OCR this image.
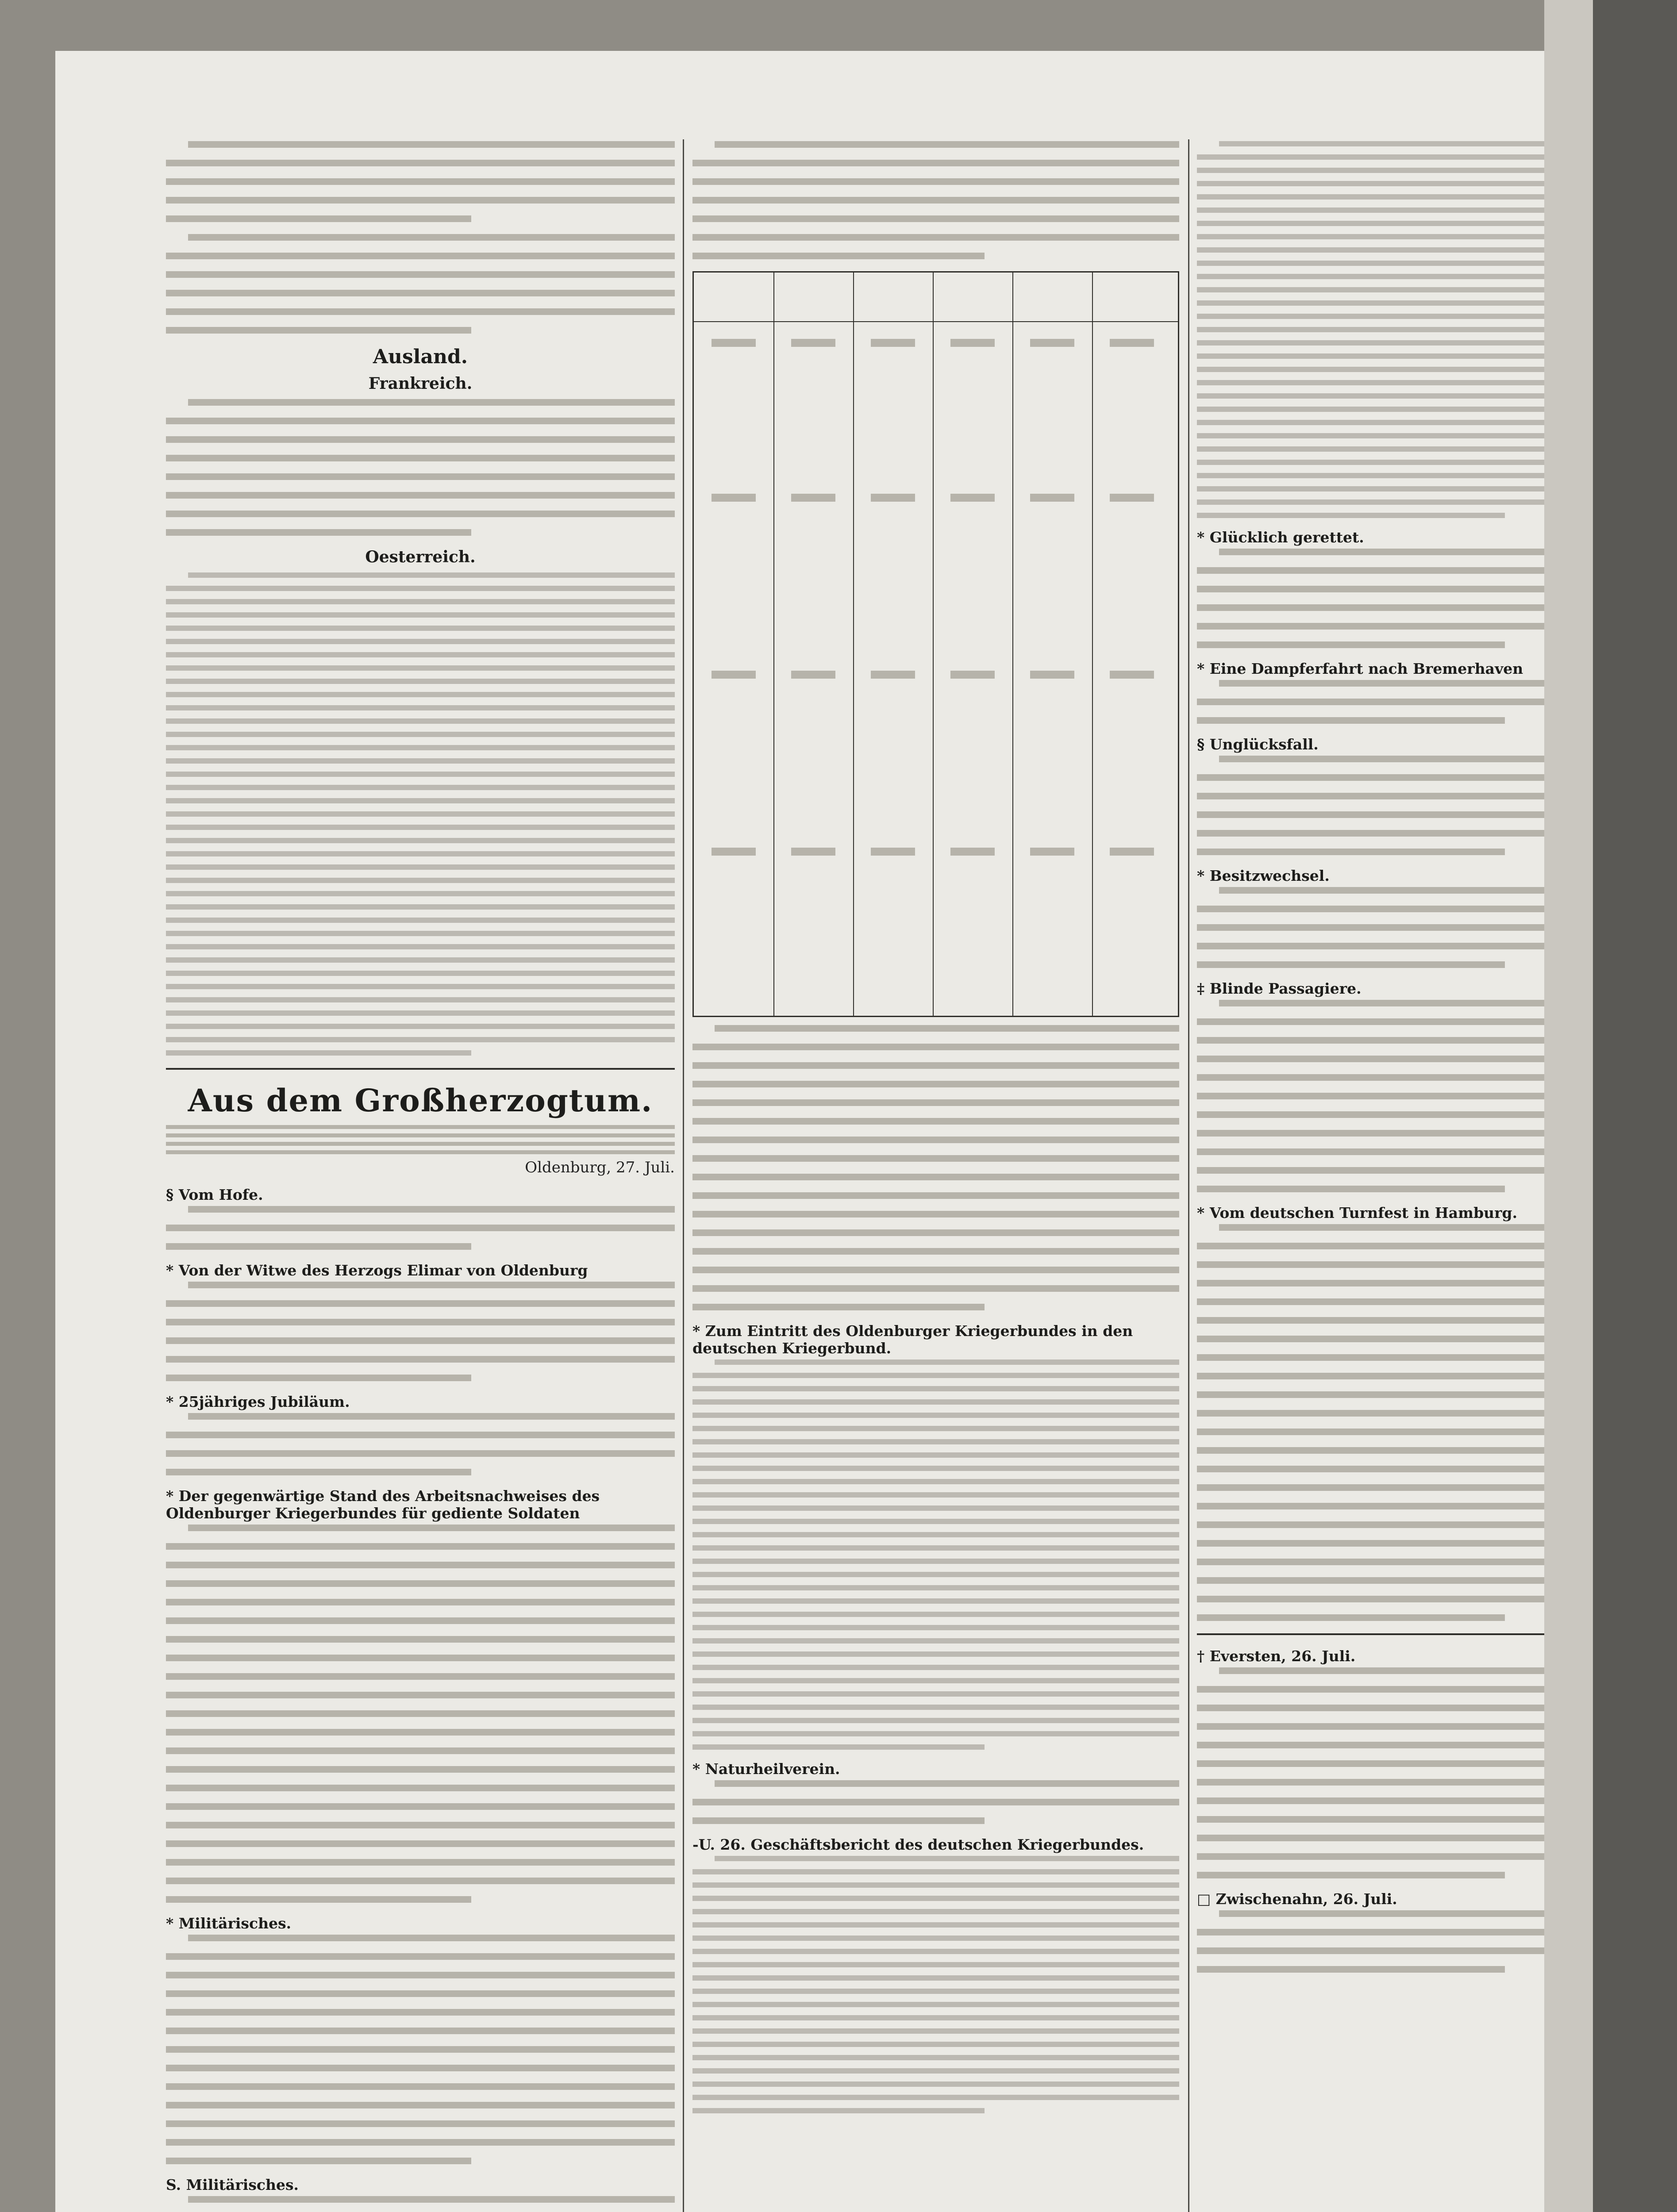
Ausland.
Frankreich.
Oesterreich.
Aus dem Großherzogtum.
Oldenburg, 27. Juli.
§ Vom Hofe.
* Von der Witwe des Herzogs Elimar von Oldenburg
* 25jähriges Jubiläum.
* Der gegenwärtige Stand des Arbeitsnachweises des Oldenburger Kriegerbundes für gediente Soldaten
* Militärisches.
S. Militärisches.
* Zum Eintritt des Oldenburger Kriegerbundes in den deutschen Kriegerbund.
* Naturheilverein.
-U. 26. Geschäftsbericht des deutschen Kriegerbundes.
* Glücklich gerettet.
* Eine Dampferfahrt nach Bremerhaven
§ Unglücksfall.
* Besitzwechsel.
‡ Blinde Passagiere.
* Vom deutschen Turnfest in Hamburg.
† Eversten, 26. Juli.
□ Zwischenahn, 26. Juli.
